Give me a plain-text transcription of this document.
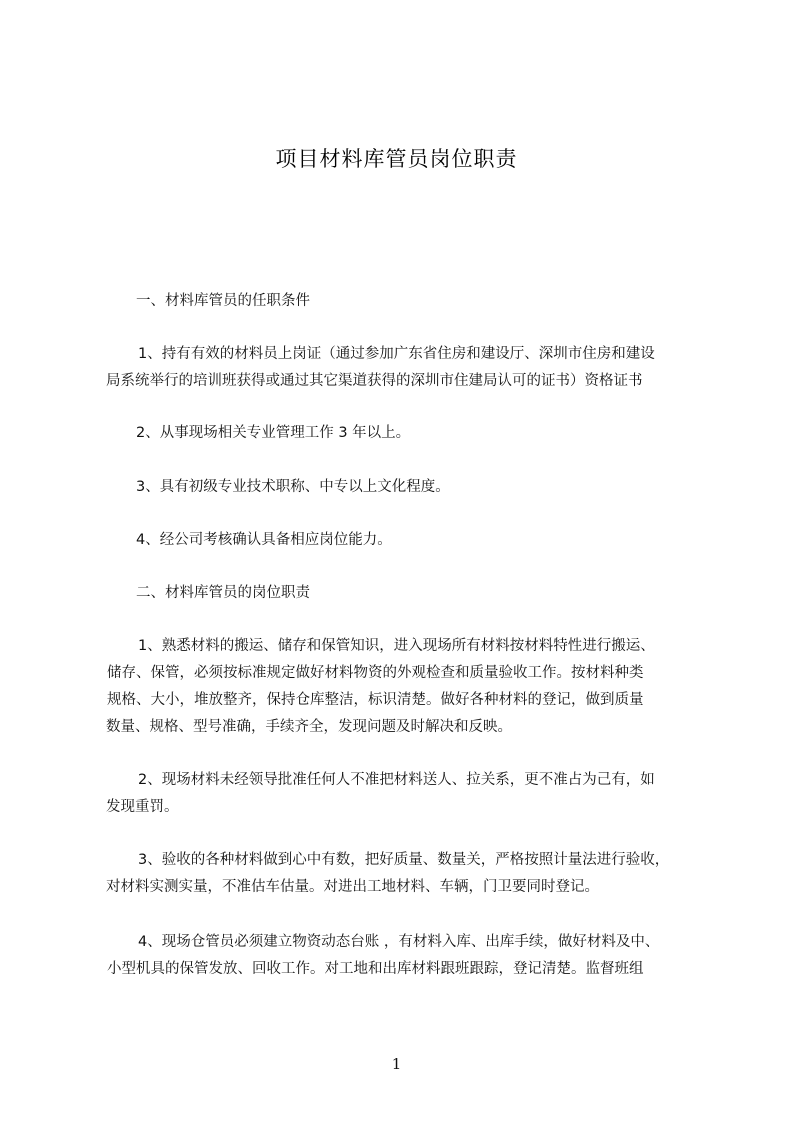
项目材料库管员岗位职责
一、材料库管员的任职条件
1、持有有效的材料员上岗证（通过参加广东省住房和建设厅、深圳市住房和建设
局系统举行的培训班获得或通过其它渠道获得的深圳市住建局认可的证书）资格证书
2、从事现场相关专业管理工作 3 年以上。
3、具有初级专业技术职称、中专以上文化程度。
4、经公司考核确认具备相应岗位能力。
二、材料库管员的岗位职责
1、熟悉材料的搬运、储存和保管知识，进入现场所有材料按材料特性进行搬运、
储存、保管，必须按标准规定做好材料物资的外观检查和质量验收工作。按材料种类
规格、大小，堆放整齐，保持仓库整洁，标识清楚。做好各种材料的登记，做到质量
数量、规格、型号准确，手续齐全，发现问题及时解决和反映。
2、现场材料未经领导批准任何人不准把材料送人、拉关系，更不准占为己有，如
发现重罚。
3、验收的各种材料做到心中有数，把好质量、数量关，严格按照计量法进行验收，
对材料实测实量，不准估车估量。对进出工地材料、车辆，门卫要同时登记。
4、现场仓管员必须建立物资动态台账 ，有材料入库、出库手续，做好材料及中、
小型机具的保管发放、回收工作。对工地和出库材料跟班跟踪，登记清楚。监督班组
1
